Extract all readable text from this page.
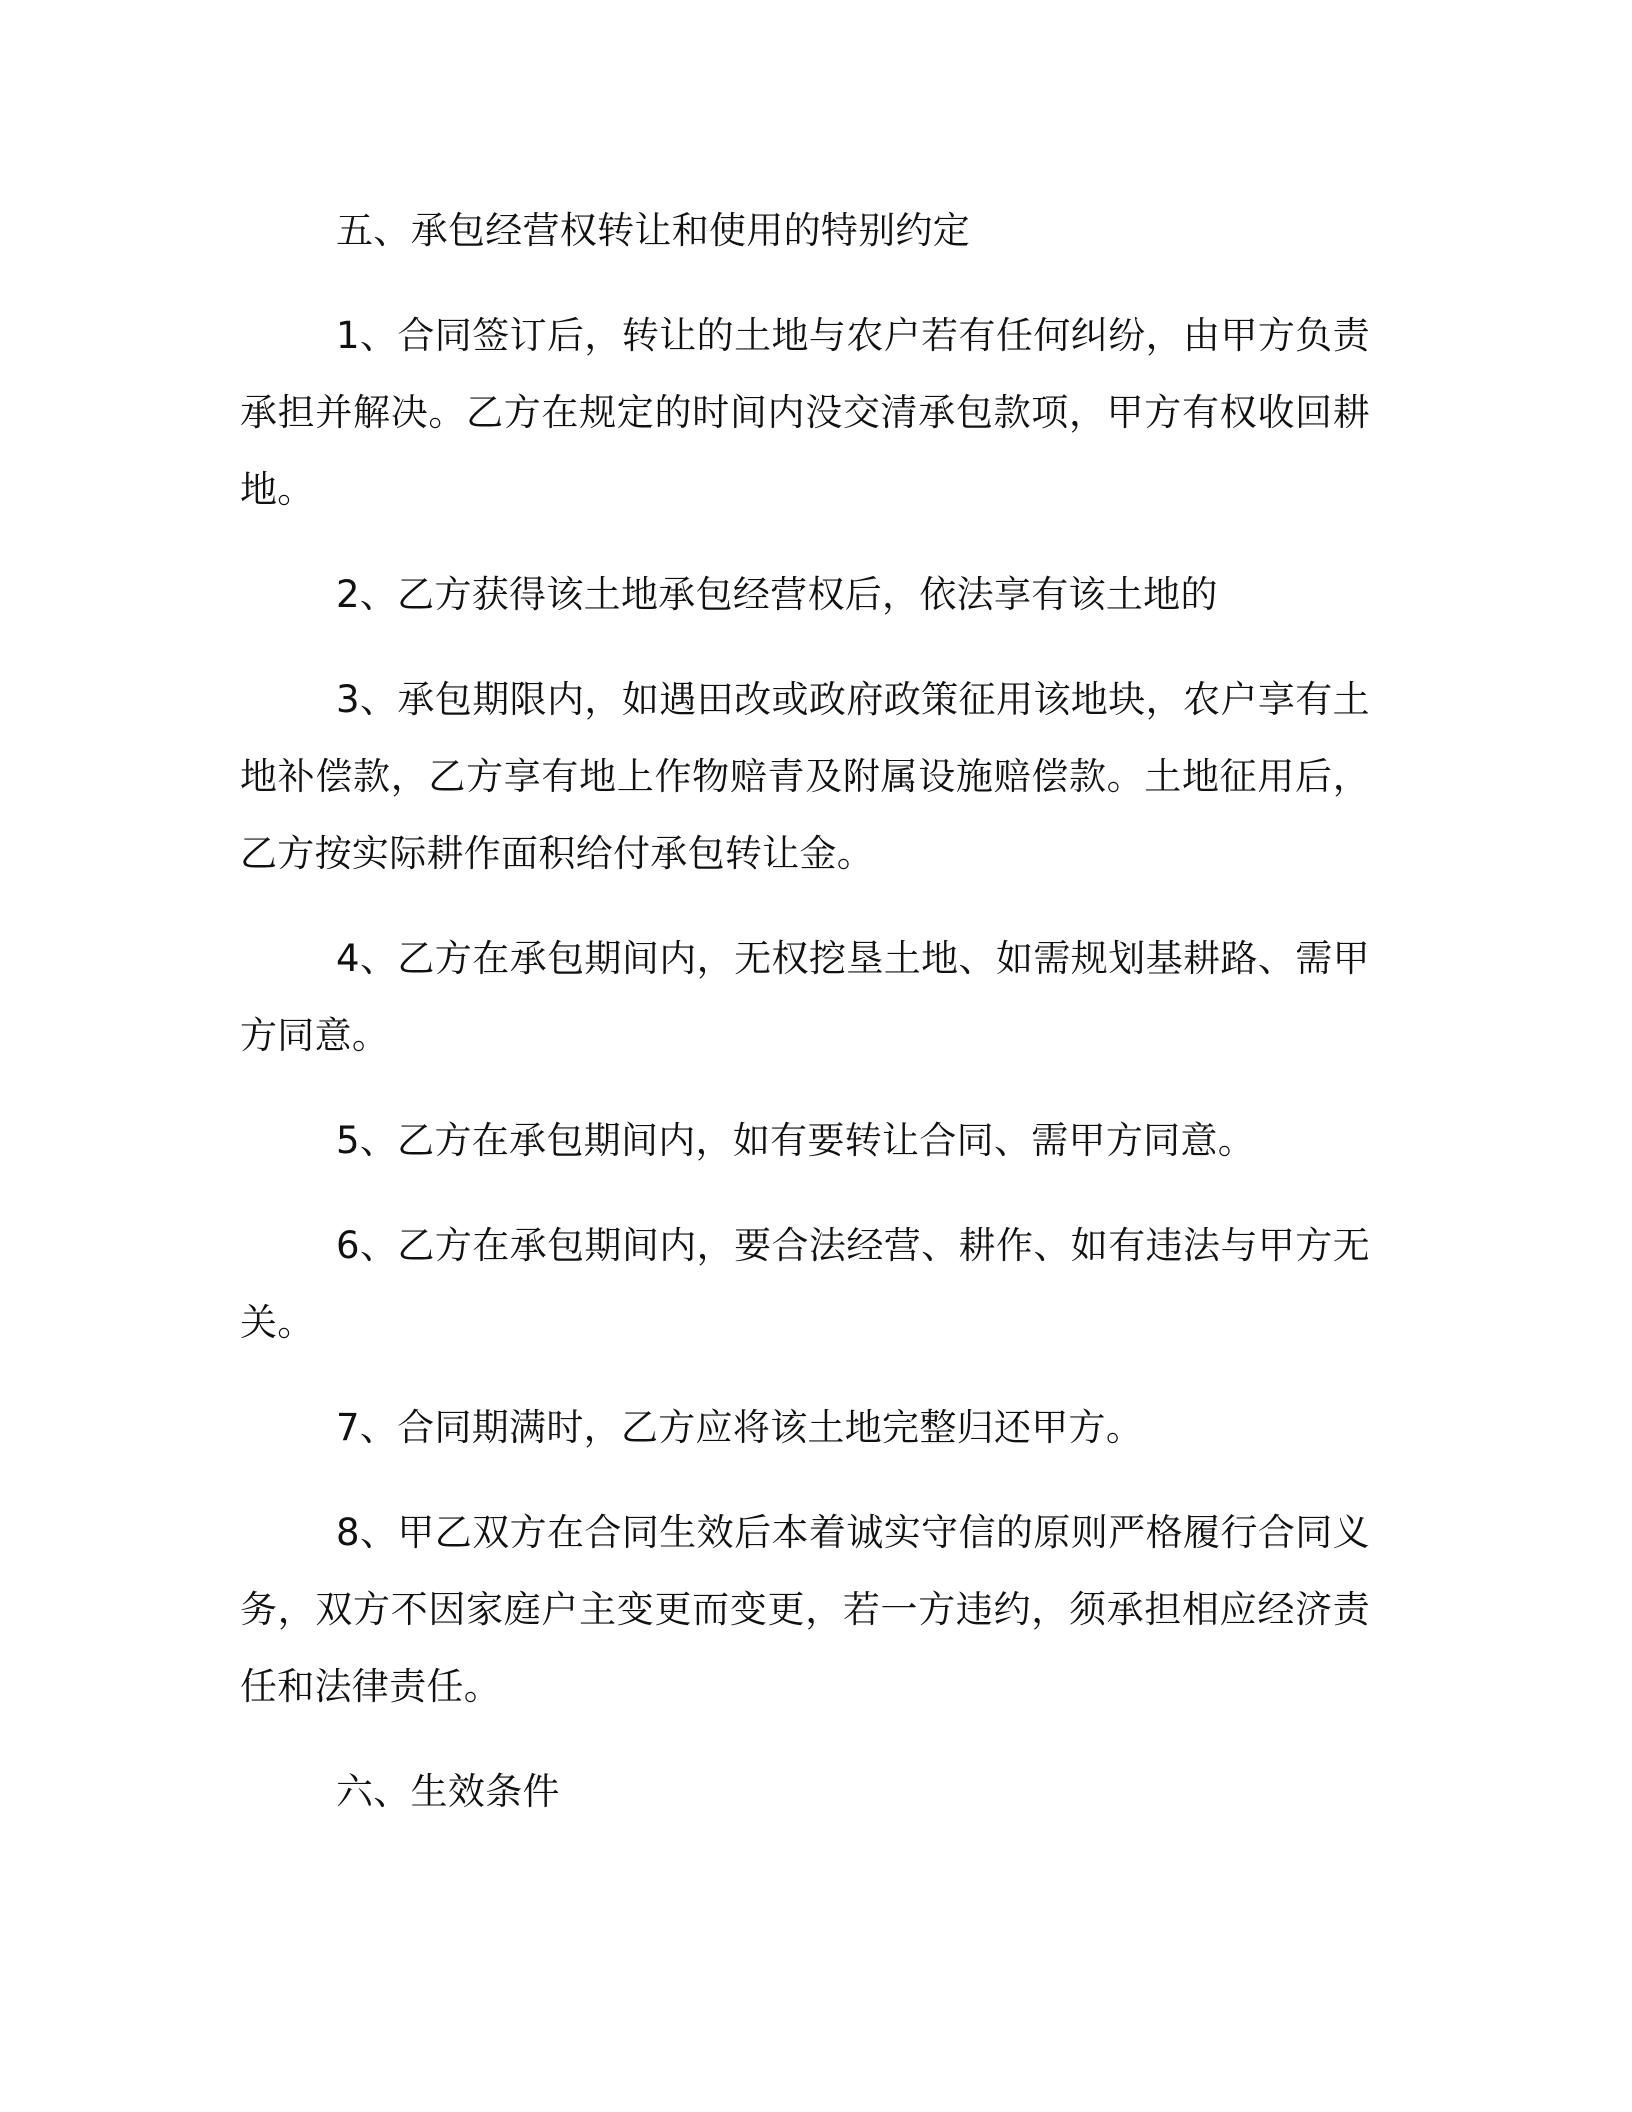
五、承包经营权转让和使用的特别约定

1、合同签订后，转让的土地与农户若有任何纠纷，由甲方负责承担并解决。乙方在规定的时间内没交清承包款项，甲方有权收回耕地。

2、乙方获得该土地承包经营权后，依法享有该土地的

3、承包期限内，如遇田改或政府政策征用该地块，农户享有土地补偿款，乙方享有地上作物赔青及附属设施赔偿款。土地征用后，乙方按实际耕作面积给付承包转让金。

4、乙方在承包期间内，无权挖垦土地、如需规划基耕路、需甲方同意。

5、乙方在承包期间内，如有要转让合同、需甲方同意。

6、乙方在承包期间内，要合法经营、耕作、如有违法与甲方无关。

7、合同期满时，乙方应将该土地完整归还甲方。

8、甲乙双方在合同生效后本着诚实守信的原则严格履行合同义务，双方不因家庭户主变更而变更，若一方违约，须承担相应经济责任和法律责任。

六、生效条件
